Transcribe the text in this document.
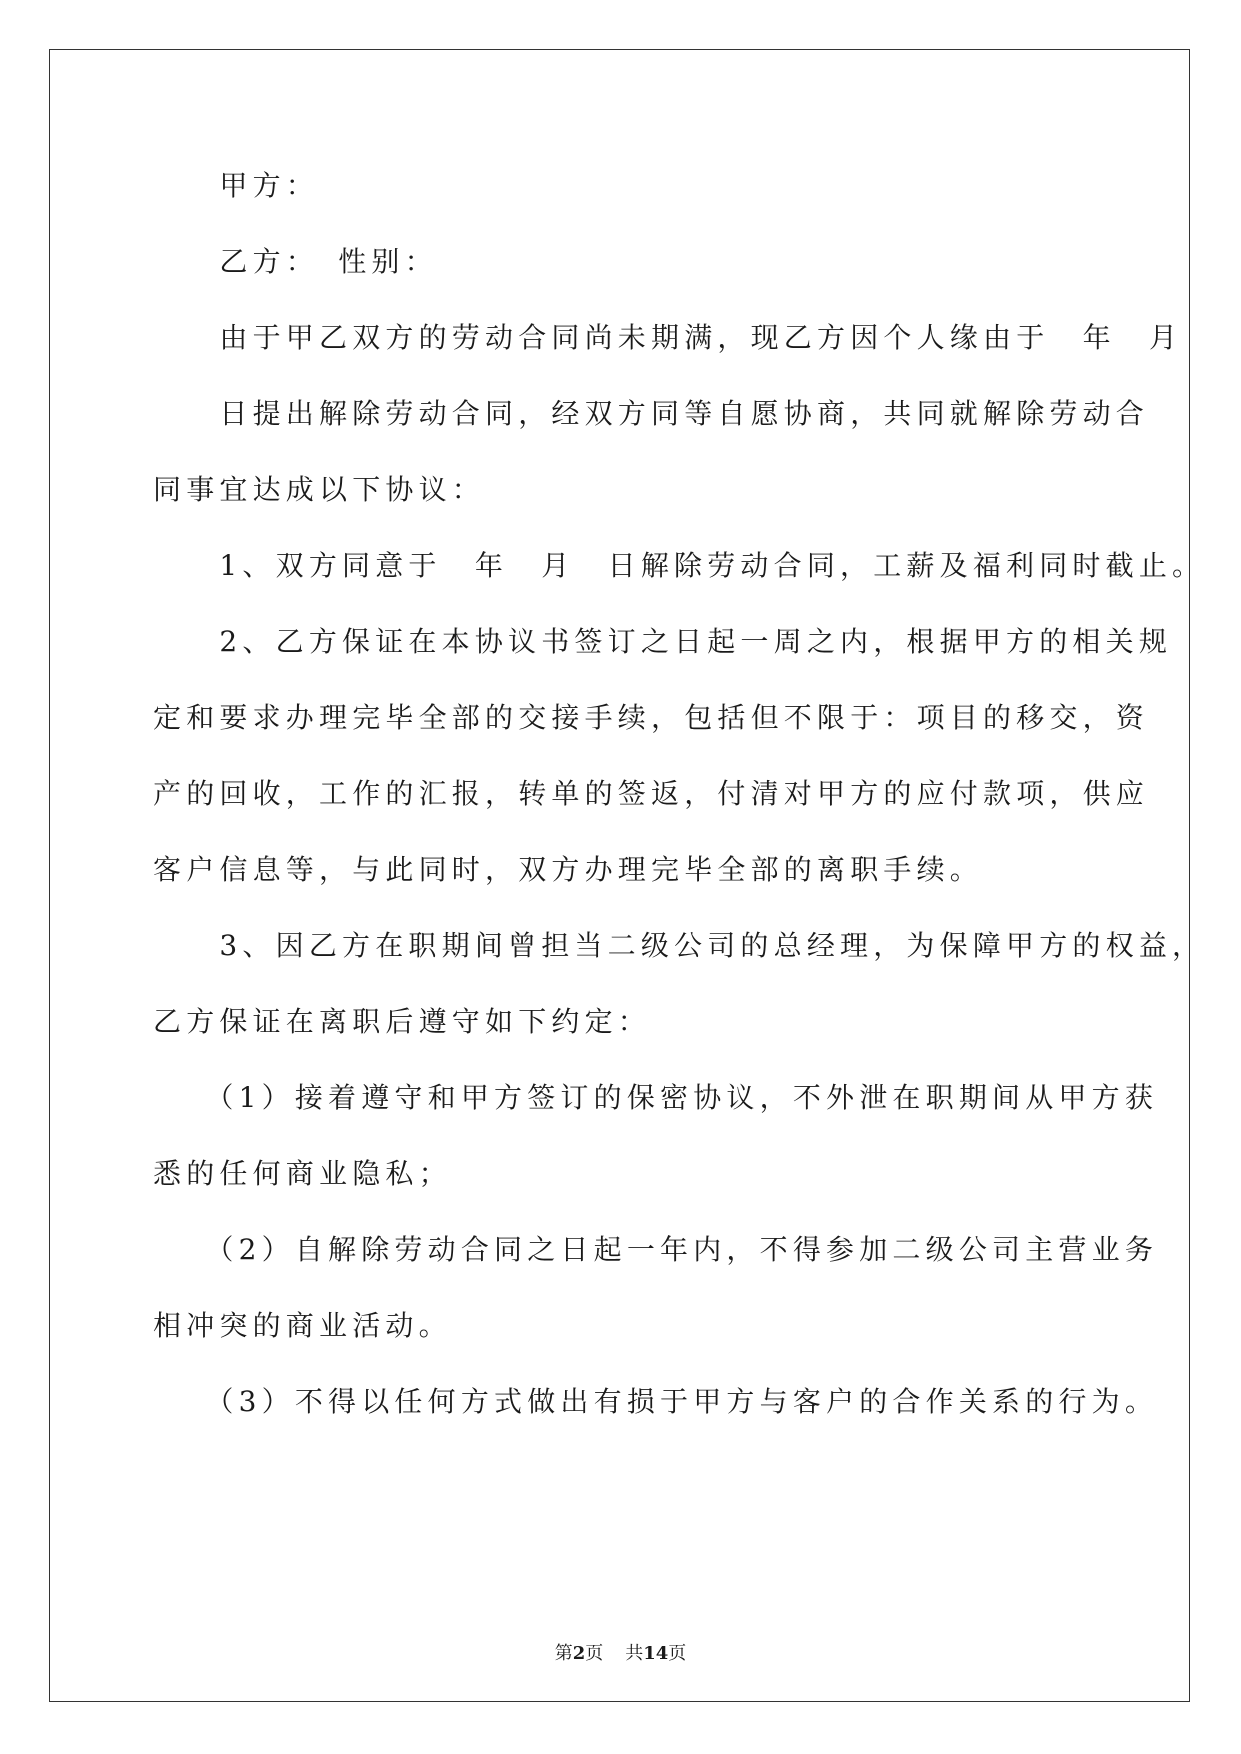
　　甲方：
　　乙方：　性别：
　　由于甲乙双方的劳动合同尚未期满，现乙方因个人缘由于　年　月
　　日提出解除劳动合同，经双方同等自愿协商，共同就解除劳动合
同事宜达成以下协议：
　　1、双方同意于　年　月　日解除劳动合同，工薪及福利同时截止。
　　2、乙方保证在本协议书签订之日起一周之内，根据甲方的相关规
定和要求办理完毕全部的交接手续，包括但不限于：项目的移交，资
产的回收，工作的汇报，转单的签返，付清对甲方的应付款项，供应
客户信息等，与此同时，双方办理完毕全部的离职手续。
　　3、因乙方在职期间曾担当二级公司的总经理，为保障甲方的权益，
乙方保证在离职后遵守如下约定：
　　（1）接着遵守和甲方签订的保密协议，不外泄在职期间从甲方获
悉的任何商业隐私；
　　（2）自解除劳动合同之日起一年内，不得参加二级公司主营业务
相冲突的商业活动。
　　（3）不得以任何方式做出有损于甲方与客户的合作关系的行为。
第2页 共14页
